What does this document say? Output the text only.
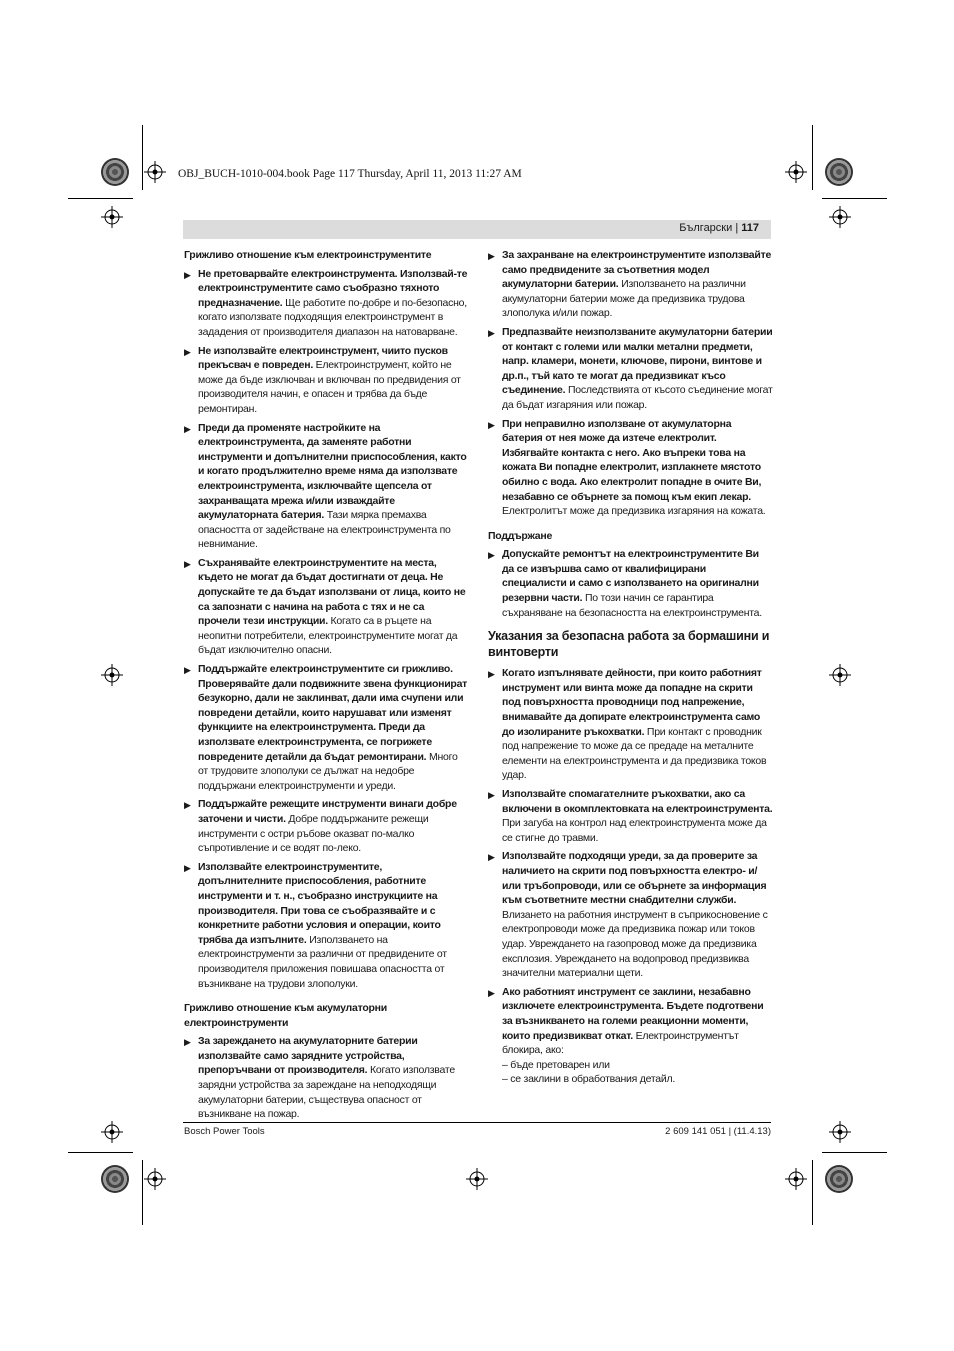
OBJ_BUCH-1010-004.book Page 117 Thursday, April 11, 2013 11:27 AM
Български | 117
Грижливо отношение към електроинструментите
▶ Не претоварвайте електроинструмента. Използвай-те електроинструментите само съобразно тяхното предназначение. Ще работите по-добре и по-безопасно, когато използвате подходящия електроинструмент в зададения от производителя диапазон на натоварване.
▶ Не използвайте електроинструмент, чиито пусков прекъсвач е повреден. Електроинструмент, който не може да бъде изключван и включван по предвидения от производителя начин, е опасен и трябва да бъде ремонтиран.
▶ Преди да променяте настройките на електроинструмента, да заменяте работни инструменти и допълнителни приспособления, както и когато продължително време няма да използвате електроинструмента, изключвайте щепсела от захранващата мрежа и/или изваждайте акумулаторната батерия. Тази мярка премахва опасността от задействане на електроинструмента по невнимание.
▶ Съхранявайте електроинструментите на места, където не могат да бъдат достигнати от деца. Не допускайте те да бъдат използвани от лица, които не са запознати с начина на работа с тях и не са прочели тези инструкции. Когато са в ръцете на неопитни потребители, електроинструментите могат да бъдат изключително опасни.
▶ Поддържайте електроинструментите си грижливо. Проверявайте дали подвижните звена функционират безукорно, дали не заклинват, дали има счупени или повредени детайли, които нарушават или изменят функциите на електроинструмента. Преди да използвате електроинструмента, се погрижете повредените детайли да бъдат ремонтирани. Много от трудовите злополуки се дължат на недобре поддържани електроинструменти и уреди.
▶ Поддържайте режещите инструменти винаги добре заточени и чисти. Добре поддържаните режещи инструменти с остри ръбове оказват по-малко съпротивление и се водят по-леко.
▶ Използвайте електроинструментите, допълнителните приспособления, работните инструменти и т. н., съобразно инструкциите на производителя. При това се съобразявайте и с конкретните работни условия и операции, които трябва да изпълните. Използването на електроинструменти за различни от предвидените от производителя приложения повишава опасността от възникване на трудови злополуки.
Грижливо отношение към акумулаторни електроинструменти
▶ За зареждането на акумулаторните батерии използвайте само зарядните устройства, препоръчвани от производителя. Когато използвате зарядни устройства за зареждане на неподходящи акумулаторни батерии, съществува опасност от възникване на пожар.
▶ За захранване на електроинструментите използвайте само предвидените за съответния модел акумулаторни батерии. Използването на различни акумулаторни батерии може да предизвика трудова злополука и/или пожар.
▶ Предпазвайте неизползваните акумулаторни батерии от контакт с големи или малки метални предмети, напр. кламери, монети, ключове, пирони, винтове и др.п., тъй като те могат да предизвикат късо съединение. Последствията от късото съединение могат да бъдат изгаряния или пожар.
▶ При неправилно използване от акумулаторна батерия от нея може да изтече електролит. Избягвайте контакта с него. Ако въпреки това на кожата Ви попадне електролит, изплакнете мястото обилно с вода. Ако електролит попадне в очите Ви, незабавно се обърнете за помощ към eкип лекар. Електролитът може да предизвика изгаряния на кожата.
Поддържане
▶ Допускайте ремонтът на електроинструментите Ви да се извършва само от квалифицирани специалисти и само с използването на оригинални резервни части. По този начин се гарантира съхраняване на безопасността на електроинструмента.
Указания за безопасна работа за бормашини и винтоверти
▶ Когато изпълнявате дейности, при които работният инструмент или винта може да попадне на скрити под повърхността проводници под напрежение, внимавайте да допирате електроинструмента само до изолираните ръкохватки. При контакт с проводник под напрежение то може да се предаде на металните елементи на електроинструмента и да предизвика токов удар.
▶ Използвайте спомагателните ръкохватки, ако са включени в окомплектовката на електроинструмента. При загуба на контрол над електроинструмента може да се стигне до травми.
▶ Използвайте подходящи уреди, за да проверите за наличието на скрити под повърхността електро- и/или тръбопроводи, или се обърнете за информация към съответните местни снабдителни служби. Влизането на работния инструмент в съприкосновение с електропроводи може да предизвика пожар или токов удар. Увреждането на газопровод може да предизвика експлозия. Увреждането на водопровод предизвиква значителни материални щети.
▶ Ако работният инструмент се заклини, незабавно изключете електроинструмента. Бъдете подготвени за възникването на големи реакционни моменти, които предизвикват откат. Електроинструментът блокира, ако:
– бъде претоварен или
– се заклини в обработвания детайл.
Bosch Power Tools	2 609 141 051 | (11.4.13)
